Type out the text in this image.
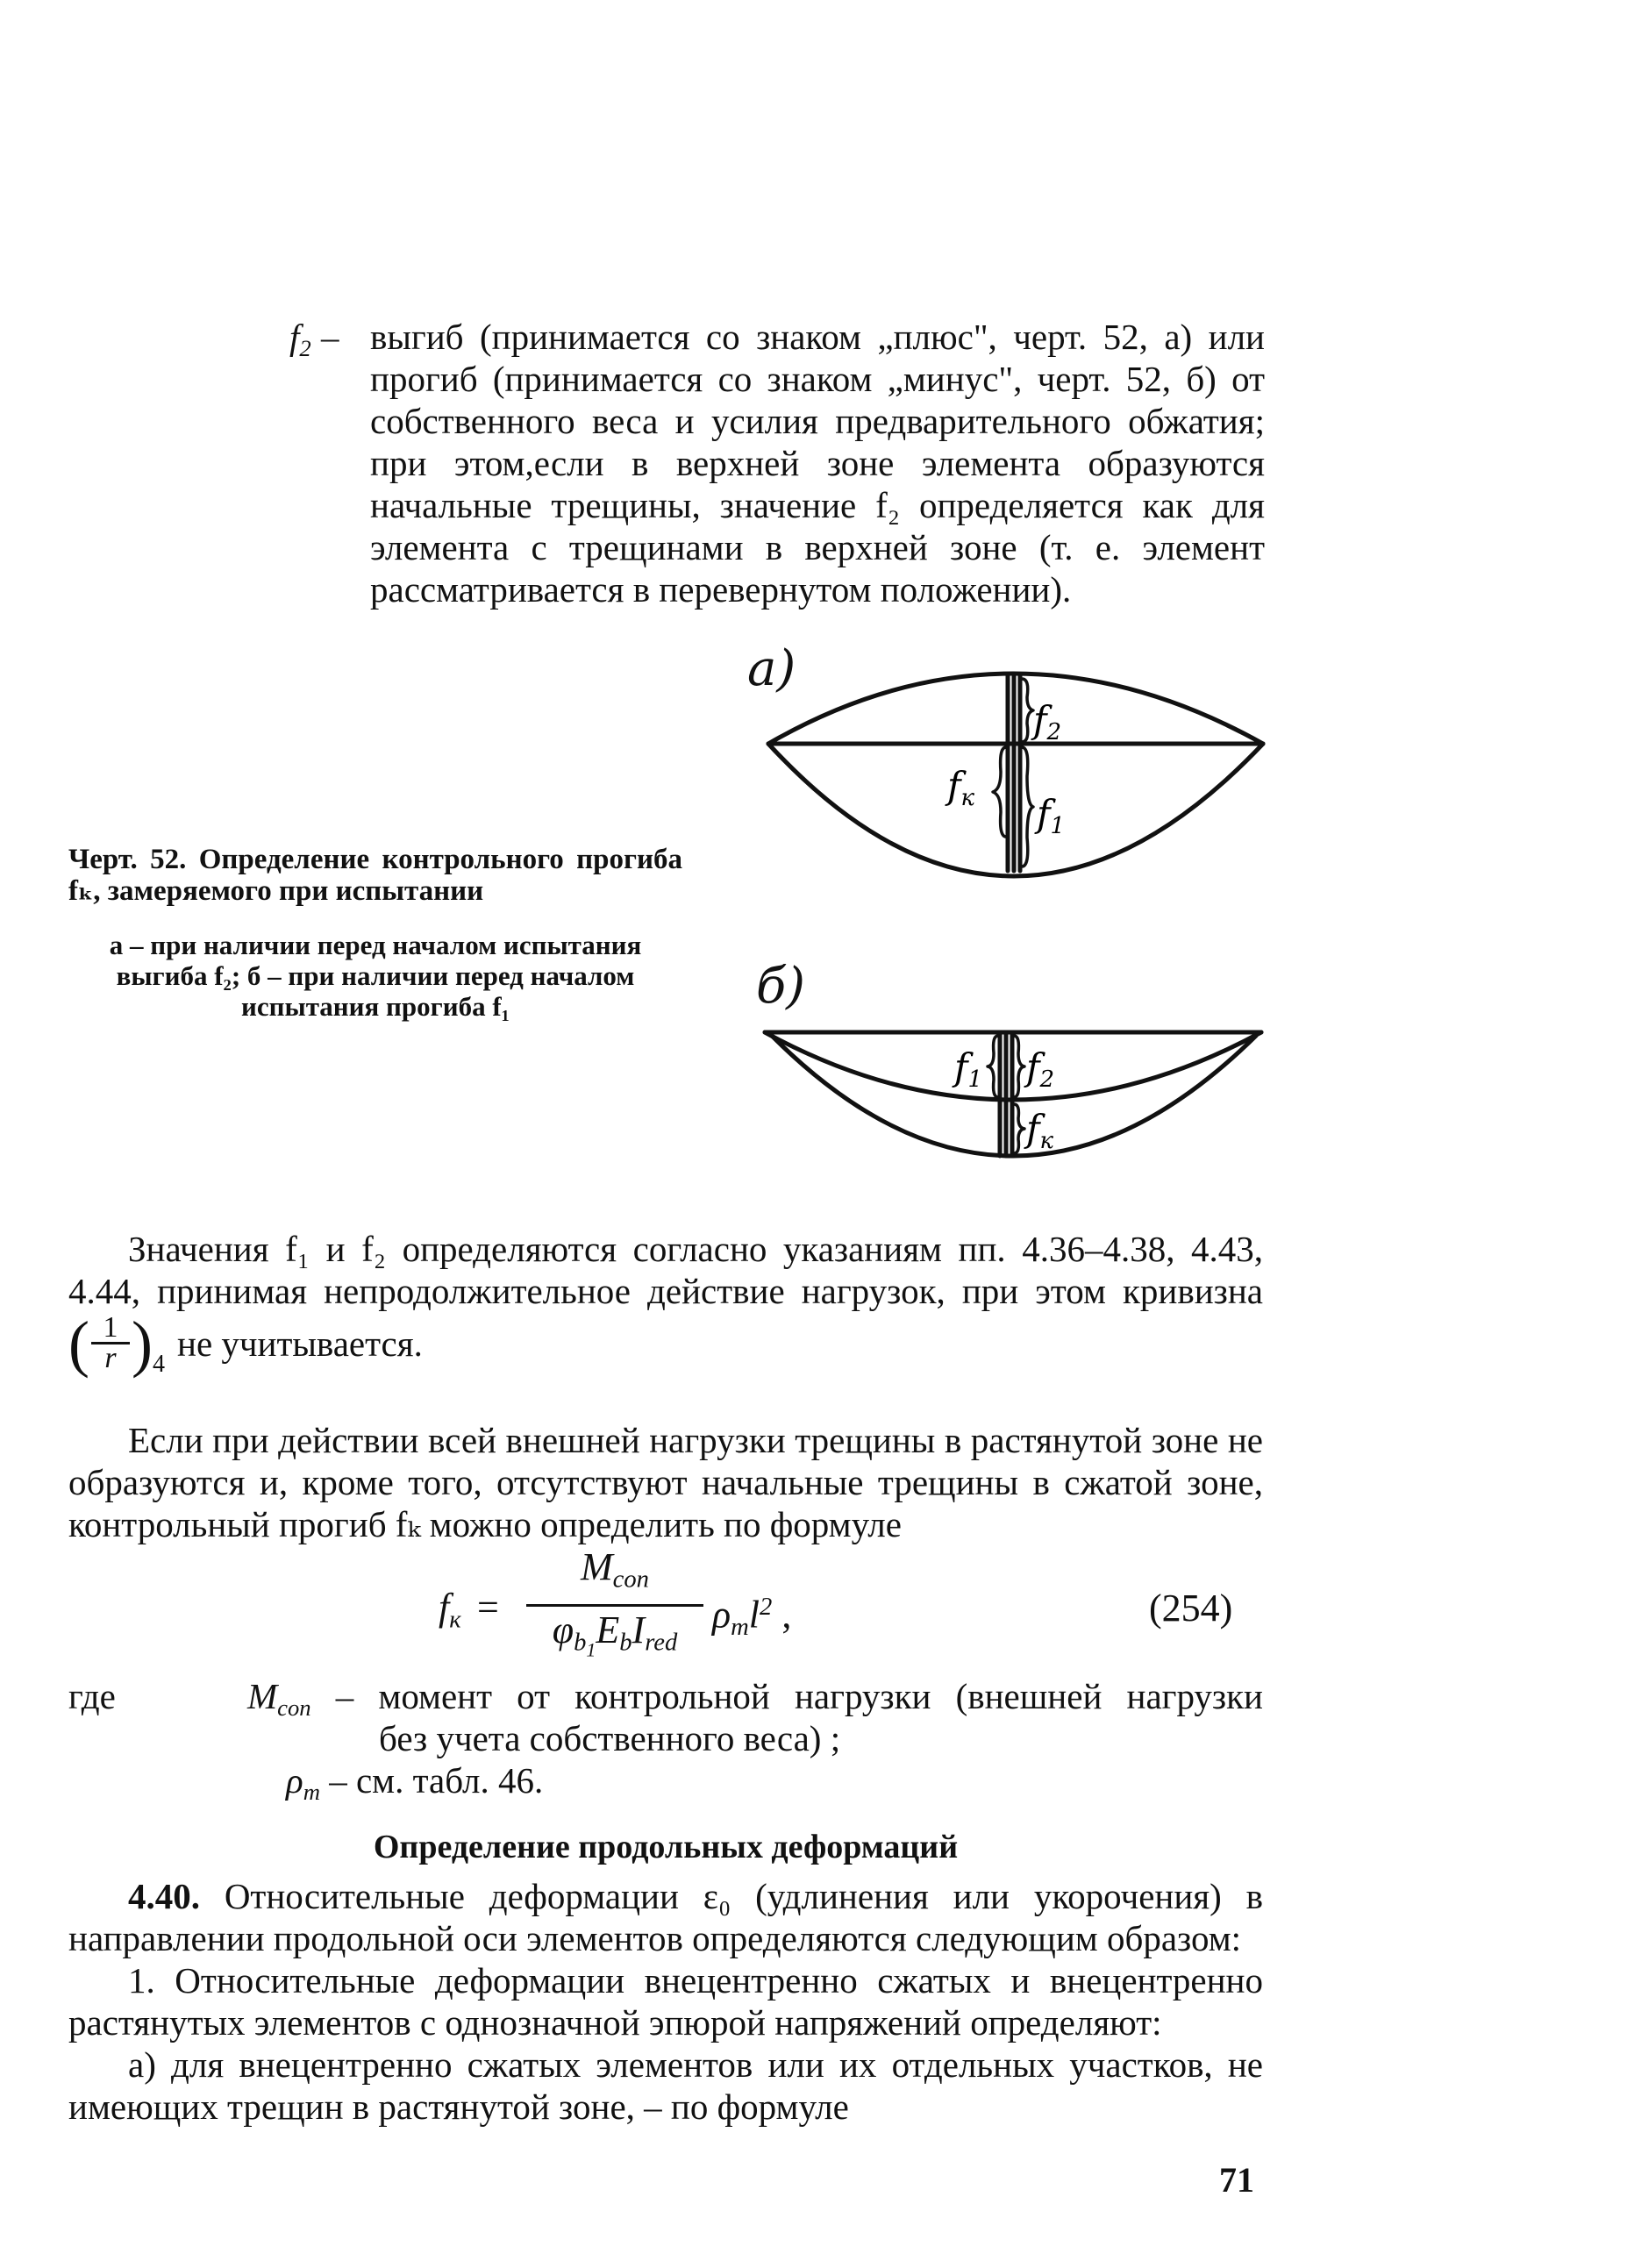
$f_2$ – выгиб (принимается со знаком „плюс", черт. 52, а) или прогиб (принимается со знаком „минус", черт. 52, б) от собственного веса и усилия предварительного обжатия; при этом,если в верхней зоне элемента образуются начальные трещины, значение f₂ определяется как для элемента с трещинами в верхней зоне (т. е. элемент рассматривается в перевернутом положении).
Черт. 52. Определение контрольного прогиба fₖ, замеряемого при испытании
а – при наличии перед началом испытания выгиба f₂; б – при наличии перед началом испытания прогиба f₁
а)
б)
f2
fк f1
f1 f2
fк
Значения f₁ и f₂ определяются согласно указаниям пп. 4.36–4.38, 4.43,
4.44, принимая непродолжительное действие нагрузок, при этом кривизна
( 1
r ) 4
не учитывается.
Если при действии всей внешней нагрузки трещины в растянутой зоне не образуются и, кроме того, отсутствуют начальные трещины в сжатой зоне, контрольный прогиб fₖ можно определить по формуле
$f_к$ =
$M_{con}$
$\varphi_{b1}E_bI_{red}$
$\rho_ml^2$ ,	(254)
где	$M_{con}$ – момент от контрольной нагрузки (внешней нагрузки
без учета собственного веса) ;
$\rho_m$ – см. табл. 46.
Определение продольных деформаций
4.40. Относительные деформации ε₀ (удлинения или укорочения) в направлении продольной оси элементов определяются следующим образом:
1. Относительные деформации внецентренно сжатых и внецентренно растянутых элементов с однозначной эпюрой напряжений определяют:
а) для внецентренно сжатых элементов или их отдельных участков, не имеющих трещин в растянутой зоне, – по формуле
71
